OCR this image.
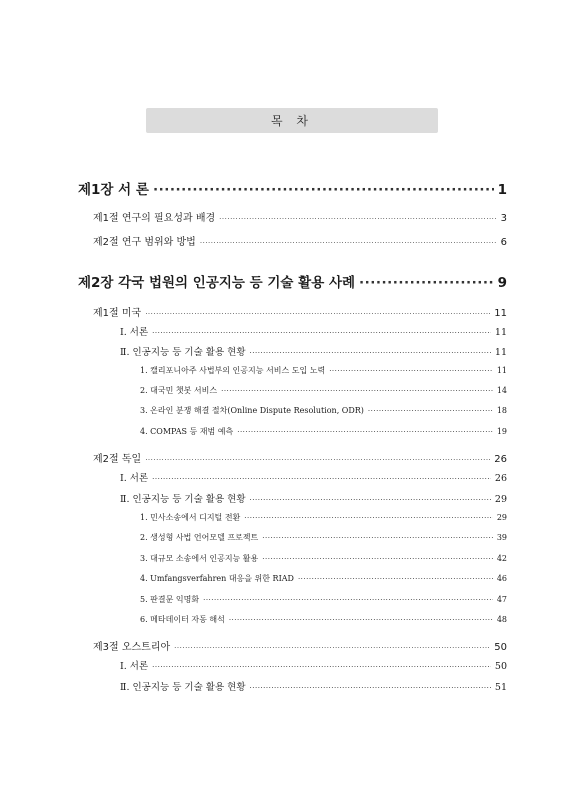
목 차
제1장 서 론 ·····	1
제1절 연구의 필요성과 배경 ·····	3
제2절 연구 범위와 방법 ·····	6
제2장 각국 법원의 인공지능 등 기술 활용 사례 ·····	9
제1절 미국 ·····	11
Ⅰ. 서론 ·····	11
Ⅱ. 인공지능 등 기술 활용 현황 ·····	11
1. 캘리포니아주 사법부의 인공지능 서비스 도입 노력 ·····	11
2. 대국민 챗봇 서비스 ·····	14
3. 온라인 분쟁 해결 절차(Online Dispute Resolution, ODR) ·····	18
4. COMPAS 등 재범 예측 ·····	19
제2절 독일 ·····	26
Ⅰ. 서론 ·····	26
Ⅱ. 인공지능 등 기술 활용 현황 ·····	29
1. 민사소송에서 디지털 전환 ·····	29
2. 생성형 사법 언어모델 프로젝트 ·····	39
3. 대규모 소송에서 인공지능 활용 ·····	42
4. Umfangsverfahren 대응을 위한 RIAD ·····	46
5. 판결문 익명화 ·····	47
6. 메타데이터 자동 해석 ·····	48
제3절 오스트리아 ·····	50
Ⅰ. 서론 ·····	50
Ⅱ. 인공지능 등 기술 활용 현황 ·····	51
